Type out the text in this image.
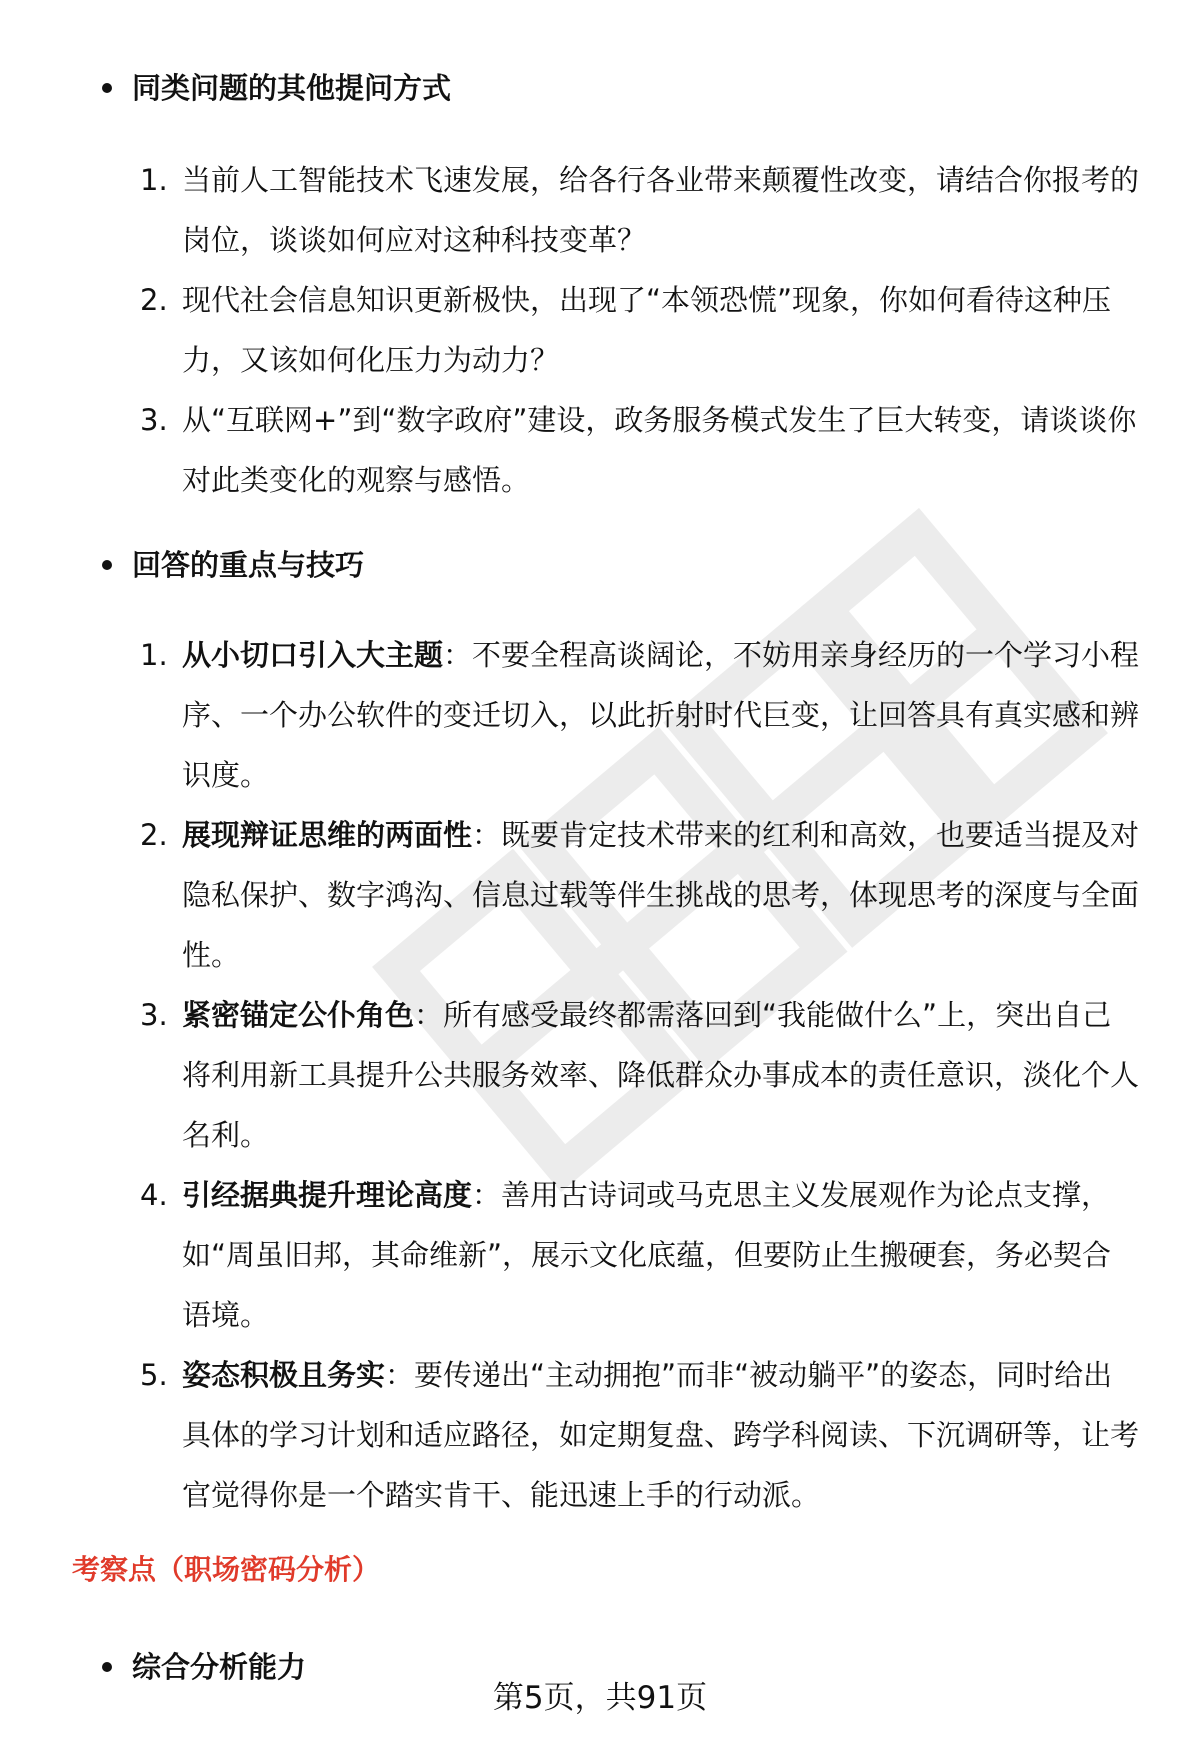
同类问题的其他提问方式
1. 当前人工智能技术飞速发展，给各行各业带来颠覆性改变，请结合你报考的岗位，谈谈如何应对这种科技变革？
2. 现代社会信息知识更新极快，出现了“本领恐慌”现象，你如何看待这种压力，又该如何化压力为动力？
3. 从“互联网+”到“数字政府”建设，政务服务模式发生了巨大转变，请谈谈你对此类变化的观察与感悟。
回答的重点与技巧
1. 从小切口引入大主题：不要全程高谈阔论，不妨用亲身经历的一个学习小程序、一个办公软件的变迁切入，以此折射时代巨变，让回答具有真实感和辨识度。
2. 展现辩证思维的两面性：既要肯定技术带来的红利和高效，也要适当提及对隐私保护、数字鸿沟、信息过载等伴生挑战的思考，体现思考的深度与全面性。
3. 紧密锚定公仆角色：所有感受最终都需落回到“我能做什么”上，突出自己将利用新工具提升公共服务效率、降低群众办事成本的责任意识，淡化个人名利。
4. 引经据典提升理论高度：善用古诗词或马克思主义发展观作为论点支撑，如“周虽旧邦，其命维新”，展示文化底蕴，但要防止生搬硬套，务必契合语境。
5. 姿态积极且务实：要传递出“主动拥抱”而非“被动躺平”的姿态，同时给出具体的学习计划和适应路径，如定期复盘、跨学科阅读、下沉调研等，让考官觉得你是一个踏实肯干、能迅速上手的行动派。
考察点（职场密码分析）
综合分析能力
第5页，共91页
